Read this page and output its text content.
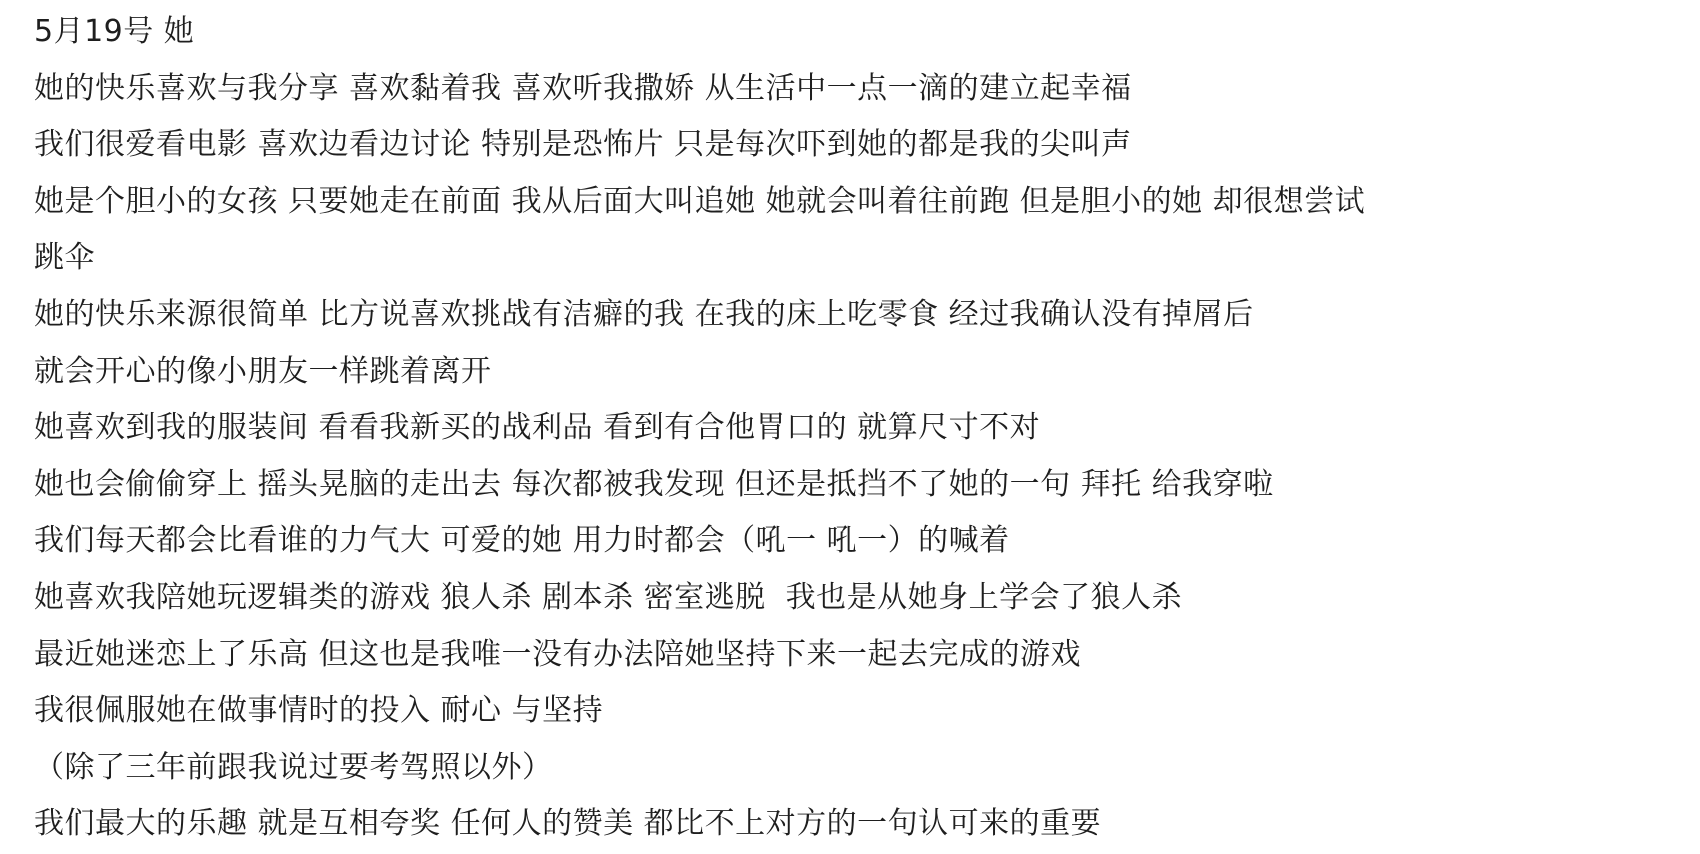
5月19号 她
她的快乐喜欢与我分享 喜欢黏着我 喜欢听我撒娇 从生活中一点一滴的建立起幸福
我们很爱看电影 喜欢边看边讨论 特别是恐怖片 只是每次吓到她的都是我的尖叫声
她是个胆小的女孩 只要她走在前面 我从后面大叫追她 她就会叫着往前跑 但是胆小的她 却很想尝试
跳伞
她的快乐来源很简单 比方说喜欢挑战有洁癖的我 在我的床上吃零食 经过我确认没有掉屑后
就会开心的像小朋友一样跳着离开
她喜欢到我的服装间 看看我新买的战利品 看到有合他胃口的 就算尺寸不对
她也会偷偷穿上 摇头晃脑的走出去 每次都被我发现 但还是抵挡不了她的一句 拜托 给我穿啦
我们每天都会比看谁的力气大 可爱的她 用力时都会（吼一 吼一）的喊着
她喜欢我陪她玩逻辑类的游戏 狼人杀 剧本杀 密室逃脱  我也是从她身上学会了狼人杀
最近她迷恋上了乐高 但这也是我唯一没有办法陪她坚持下来一起去完成的游戏
我很佩服她在做事情时的投入 耐心 与坚持
（除了三年前跟我说过要考驾照以外）
我们最大的乐趣 就是互相夸奖 任何人的赞美 都比不上对方的一句认可来的重要
